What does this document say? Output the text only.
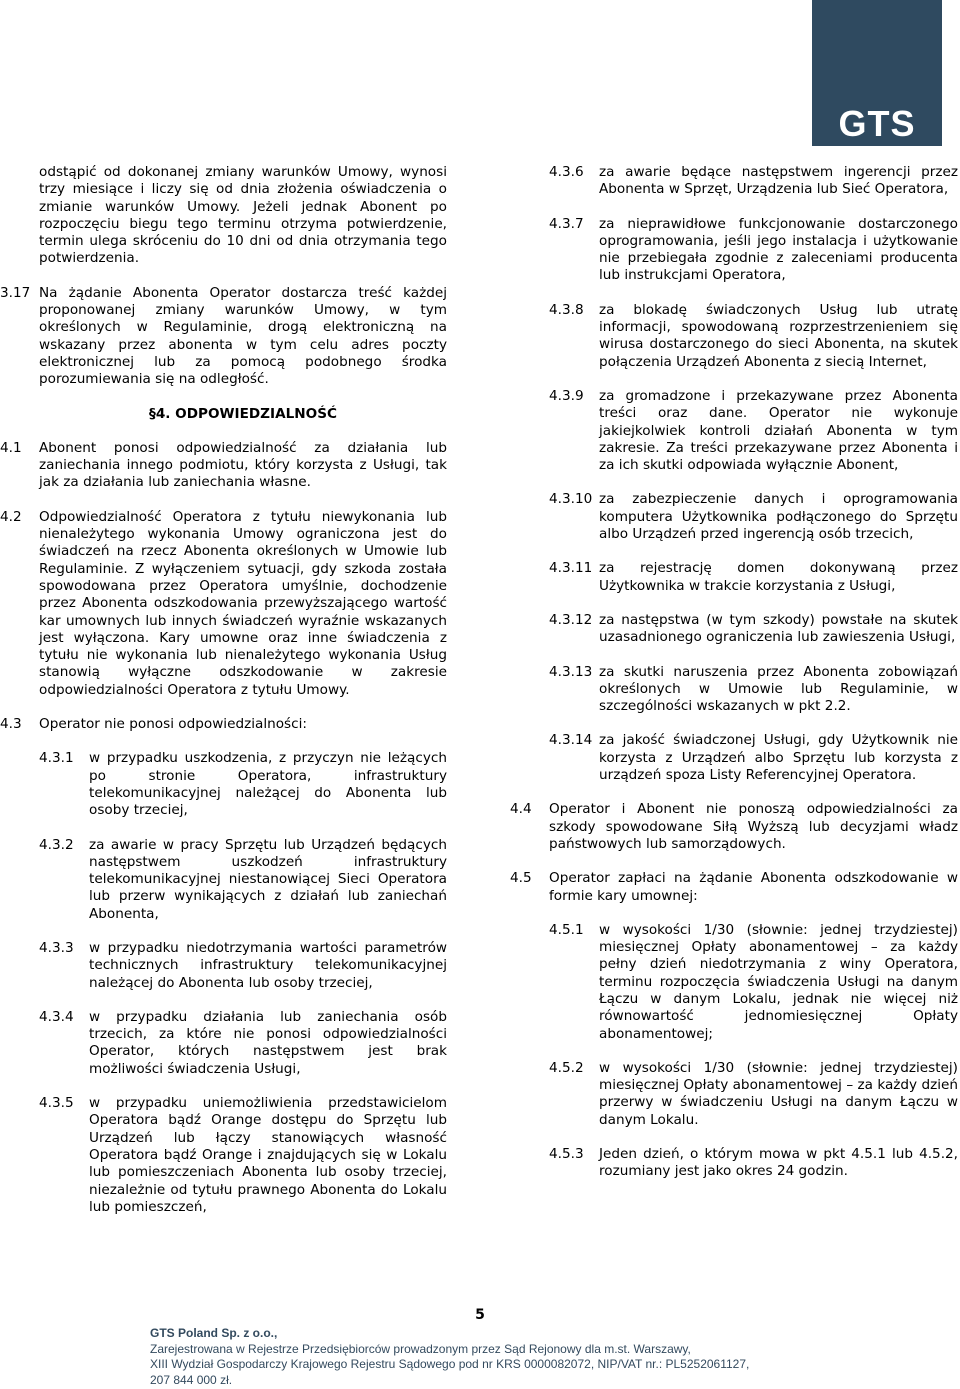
GTS

odstąpić od dokonanej zmiany warunków Umowy, wynosi trzy miesiące i liczy się od dnia złożenia oświadczenia o zmianie warunków Umowy. Jeżeli jednak Abonent po rozpoczęciu biegu tego terminu otrzyma potwierdzenie, termin ulega skróceniu do 10 dni od dnia otrzymania tego potwierdzenia.

3.17 Na żądanie Abonenta Operator dostarcza treść każdej proponowanej zmiany warunków Umowy, w tym określonych w Regulaminie, drogą elektroniczną na wskazany przez abonenta w tym celu adres poczty elektronicznej lub za pomocą podobnego środka porozumiewania się na odległość.

§4. ODPOWIEDZIALNOŚĆ

4.1	Abonent ponosi odpowiedzialność za działania lub zaniechania innego podmiotu, który korzysta z Usługi, tak jak za działania lub zaniechania własne.
4.2	Odpowiedzialność Operatora z tytułu niewykonania lub nienależytego wykonania Umowy ograniczona jest do świadczeń na rzecz Abonenta określonych w Umowie lub Regulaminie. Z wyłączeniem sytuacji, gdy szkoda została spowodowana przez Operatora umyślnie, dochodzenie przez Abonenta odszkodowania przewyższającego wartość kar umownych lub innych świadczeń wyraźnie wskazanych jest wyłączona. Kary umowne oraz inne świadczenia z tytułu nie wykonania lub nienależytego wykonania Usług stanowią wyłączne odszkodowanie w zakresie odpowiedzialności Operatora z tytułu Umowy.
4.3	Operator nie ponosi odpowiedzialności:
4.3.1	w przypadku uszkodzenia, z przyczyn nie leżących po stronie Operatora, infrastruktury telekomunikacyjnej należącej do Abonenta lub osoby trzeciej,
4.3.2	za awarie w pracy Sprzętu lub Urządzeń będących następstwem uszkodzeń infrastruktury telekomunikacyjnej niestanowiącej Sieci Operatora lub przerw wynikających z działań lub zaniechań Abonenta,
4.3.3	w przypadku niedotrzymania wartości parametrów technicznych infrastruktury telekomunikacyjnej należącej do Abonenta lub osoby trzeciej,
4.3.4	w przypadku działania lub zaniechania osób trzecich, za które nie ponosi odpowiedzialności Operator, których następstwem jest brak możliwości świadczenia Usługi,
4.3.5	w przypadku uniemożliwienia przedstawicielom Operatora bądź Orange dostępu do Sprzętu lub Urządzeń lub łączy stanowiących własność Operatora bądź Orange i znajdujących się w Lokalu lub pomieszczeniach Abonenta lub osoby trzeciej, niezależnie od tytułu prawnego Abonenta do Lokalu lub pomieszczeń,
4.3.6	za awarie będące następstwem ingerencji przez Abonenta w Sprzęt, Urządzenia lub Sieć Operatora,
4.3.7	za nieprawidłowe funkcjonowanie dostarczonego oprogramowania, jeśli jego instalacja i użytkowanie nie przebiegała zgodnie z zaleceniami producenta lub instrukcjami Operatora,
4.3.8	za blokadę świadczonych Usług lub utratę informacji, spowodowaną rozprzestrzenieniem się wirusa dostarczonego do sieci Abonenta, na skutek połączenia Urządzeń Abonenta z siecią Internet,
4.3.9	za gromadzone i przekazywane przez Abonenta treści oraz dane. Operator nie wykonuje jakiejkolwiek kontroli działań Abonenta w tym zakresie. Za treści przekazywane przez Abonenta i za ich skutki odpowiada wyłącznie Abonent,
4.3.10 za zabezpieczenie danych i oprogramowania komputera Użytkownika podłączonego do Sprzętu albo Urządzeń przed ingerencją osób trzecich,
4.3.11 za rejestrację domen dokonywaną przez Użytkownika w trakcie korzystania z Usługi,
4.3.12 za następstwa (w tym szkody) powstałe na skutek uzasadnionego ograniczenia lub zawieszenia Usługi,
4.3.13 za skutki naruszenia przez Abonenta zobowiązań określonych w Umowie lub Regulaminie, w szczególności wskazanych w pkt 2.2.
4.3.14 za jakość świadczonej Usługi, gdy Użytkownik nie korzysta z Urządzeń albo Sprzętu lub korzysta z urządzeń spoza Listy Referencyjnej Operatora.
4.4	Operator i Abonent nie ponoszą odpowiedzialności za szkody spowodowane Siłą Wyższą lub decyzjami władz państwowych lub samorządowych.
4.5	Operator zapłaci na żądanie Abonenta odszkodowanie w formie kary umownej:
4.5.1	w wysokości 1/30 (słownie: jednej trzydziestej) miesięcznej Opłaty abonamentowej – za każdy pełny dzień niedotrzymania z winy Operatora, terminu rozpoczęcia świadczenia Usługi na danym Łączu w danym Lokalu, jednak nie więcej niż równowartość jednomiesięcznej Opłaty abonamentowej;
4.5.2	w wysokości 1/30 (słownie: jednej trzydziestej) miesięcznej Opłaty abonamentowej – za każdy dzień przerwy w świadczeniu Usługi na danym Łączu w danym Lokalu.
4.5.3	Jeden dzień, o którym mowa w pkt 4.5.1 lub 4.5.2, rozumiany jest jako okres 24 godzin.
5
GTS Poland Sp. z o.o.,
Zarejestrowana w Rejestrze Przedsiębiorców prowadzonym przez Sąd Rejonowy dla m.st. Warszawy,
XIII Wydział Gospodarczy Krajowego Rejestru Sądowego pod nr KRS 0000082072, NIP/VAT nr.: PL5252061127,
207 844 000 zł.
